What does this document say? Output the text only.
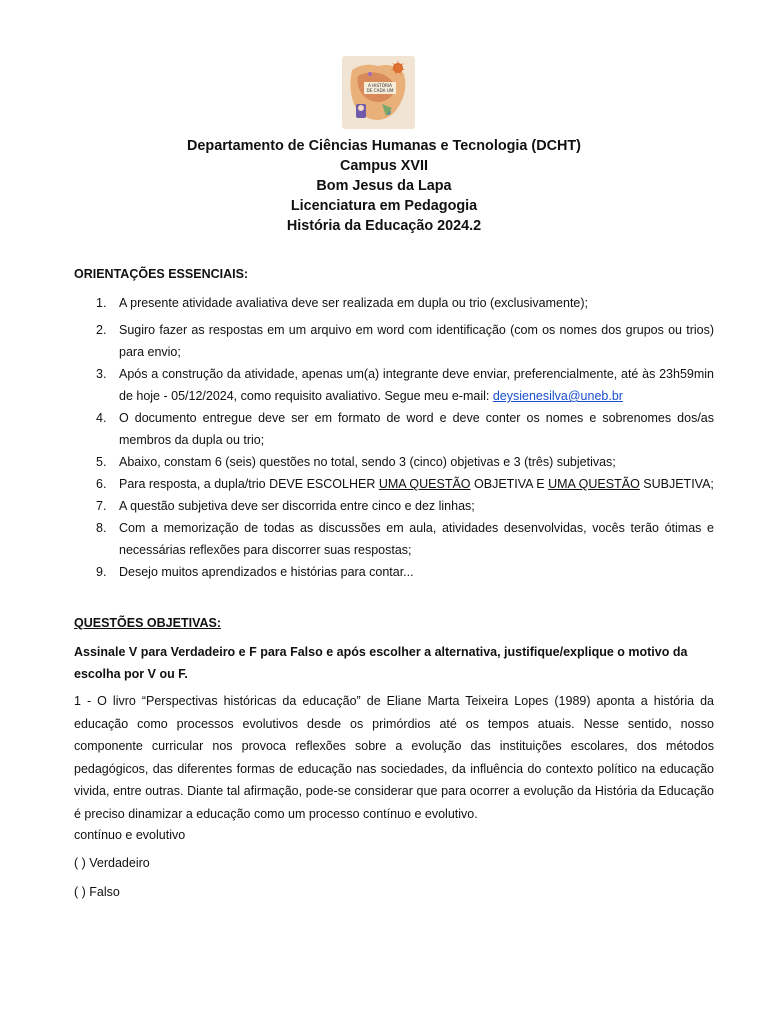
A HISTÓRIA
DE CADA UM
Departamento de Ciências Humanas e Tecnologia (DCHT)
Campus XVII
Bom Jesus da Lapa
Licenciatura em Pedagogia
História da Educação 2024.2
ORIENTAÇÕES ESSENCIAIS:
1. A presente atividade avaliativa deve ser realizada em dupla ou trio (exclusivamente);
2. Sugiro fazer as respostas em um arquivo em word com identificação (com os nomes dos grupos ou trios) para envio;
3. Após a construção da atividade, apenas um(a) integrante deve enviar, preferencialmente, até às 23h59min de hoje - 05/12/2024, como requisito avaliativo. Segue meu e-mail: deysienesilva@uneb.br
4. O documento entregue deve ser em formato de word e deve conter os nomes e sobrenomes dos/as membros da dupla ou trio;
5. Abaixo, constam 6 (seis) questões no total, sendo 3 (cinco) objetivas e 3 (três) subjetivas;
6. Para resposta, a dupla/trio DEVE ESCOLHER UMA QUESTÃO OBJETIVA E UMA QUESTÃO SUBJETIVA;
7. A questão subjetiva deve ser discorrida entre cinco e dez linhas;
8. Com a memorização de todas as discussões em aula, atividades desenvolvidas, vocês terão ótimas e necessárias reflexões para discorrer suas respostas;
9. Desejo muitos aprendizados e histórias para contar...
QUESTÕES OBJETIVAS:
Assinale V para Verdadeiro e F para Falso e após escolher a alternativa, justifique/explique o motivo da escolha por V ou F.
1 - O livro “Perspectivas históricas da educação” de Eliane Marta Teixeira Lopes (1989) aponta a história da educação como processos evolutivos desde os primórdios até os tempos atuais. Nesse sentido, nosso componente curricular nos provoca reflexões sobre a evolução das instituições escolares, dos métodos pedagógicos, das diferentes formas de educação nas sociedades, da influência do contexto político na educação vivida, entre outras. Diante tal afirmação, pode-se considerar que para ocorrer a evolução da História da Educação é preciso dinamizar a educação como um processo contínuo e evolutivo.
contínuo e evolutivo
( ) Verdadeiro
( ) Falso
